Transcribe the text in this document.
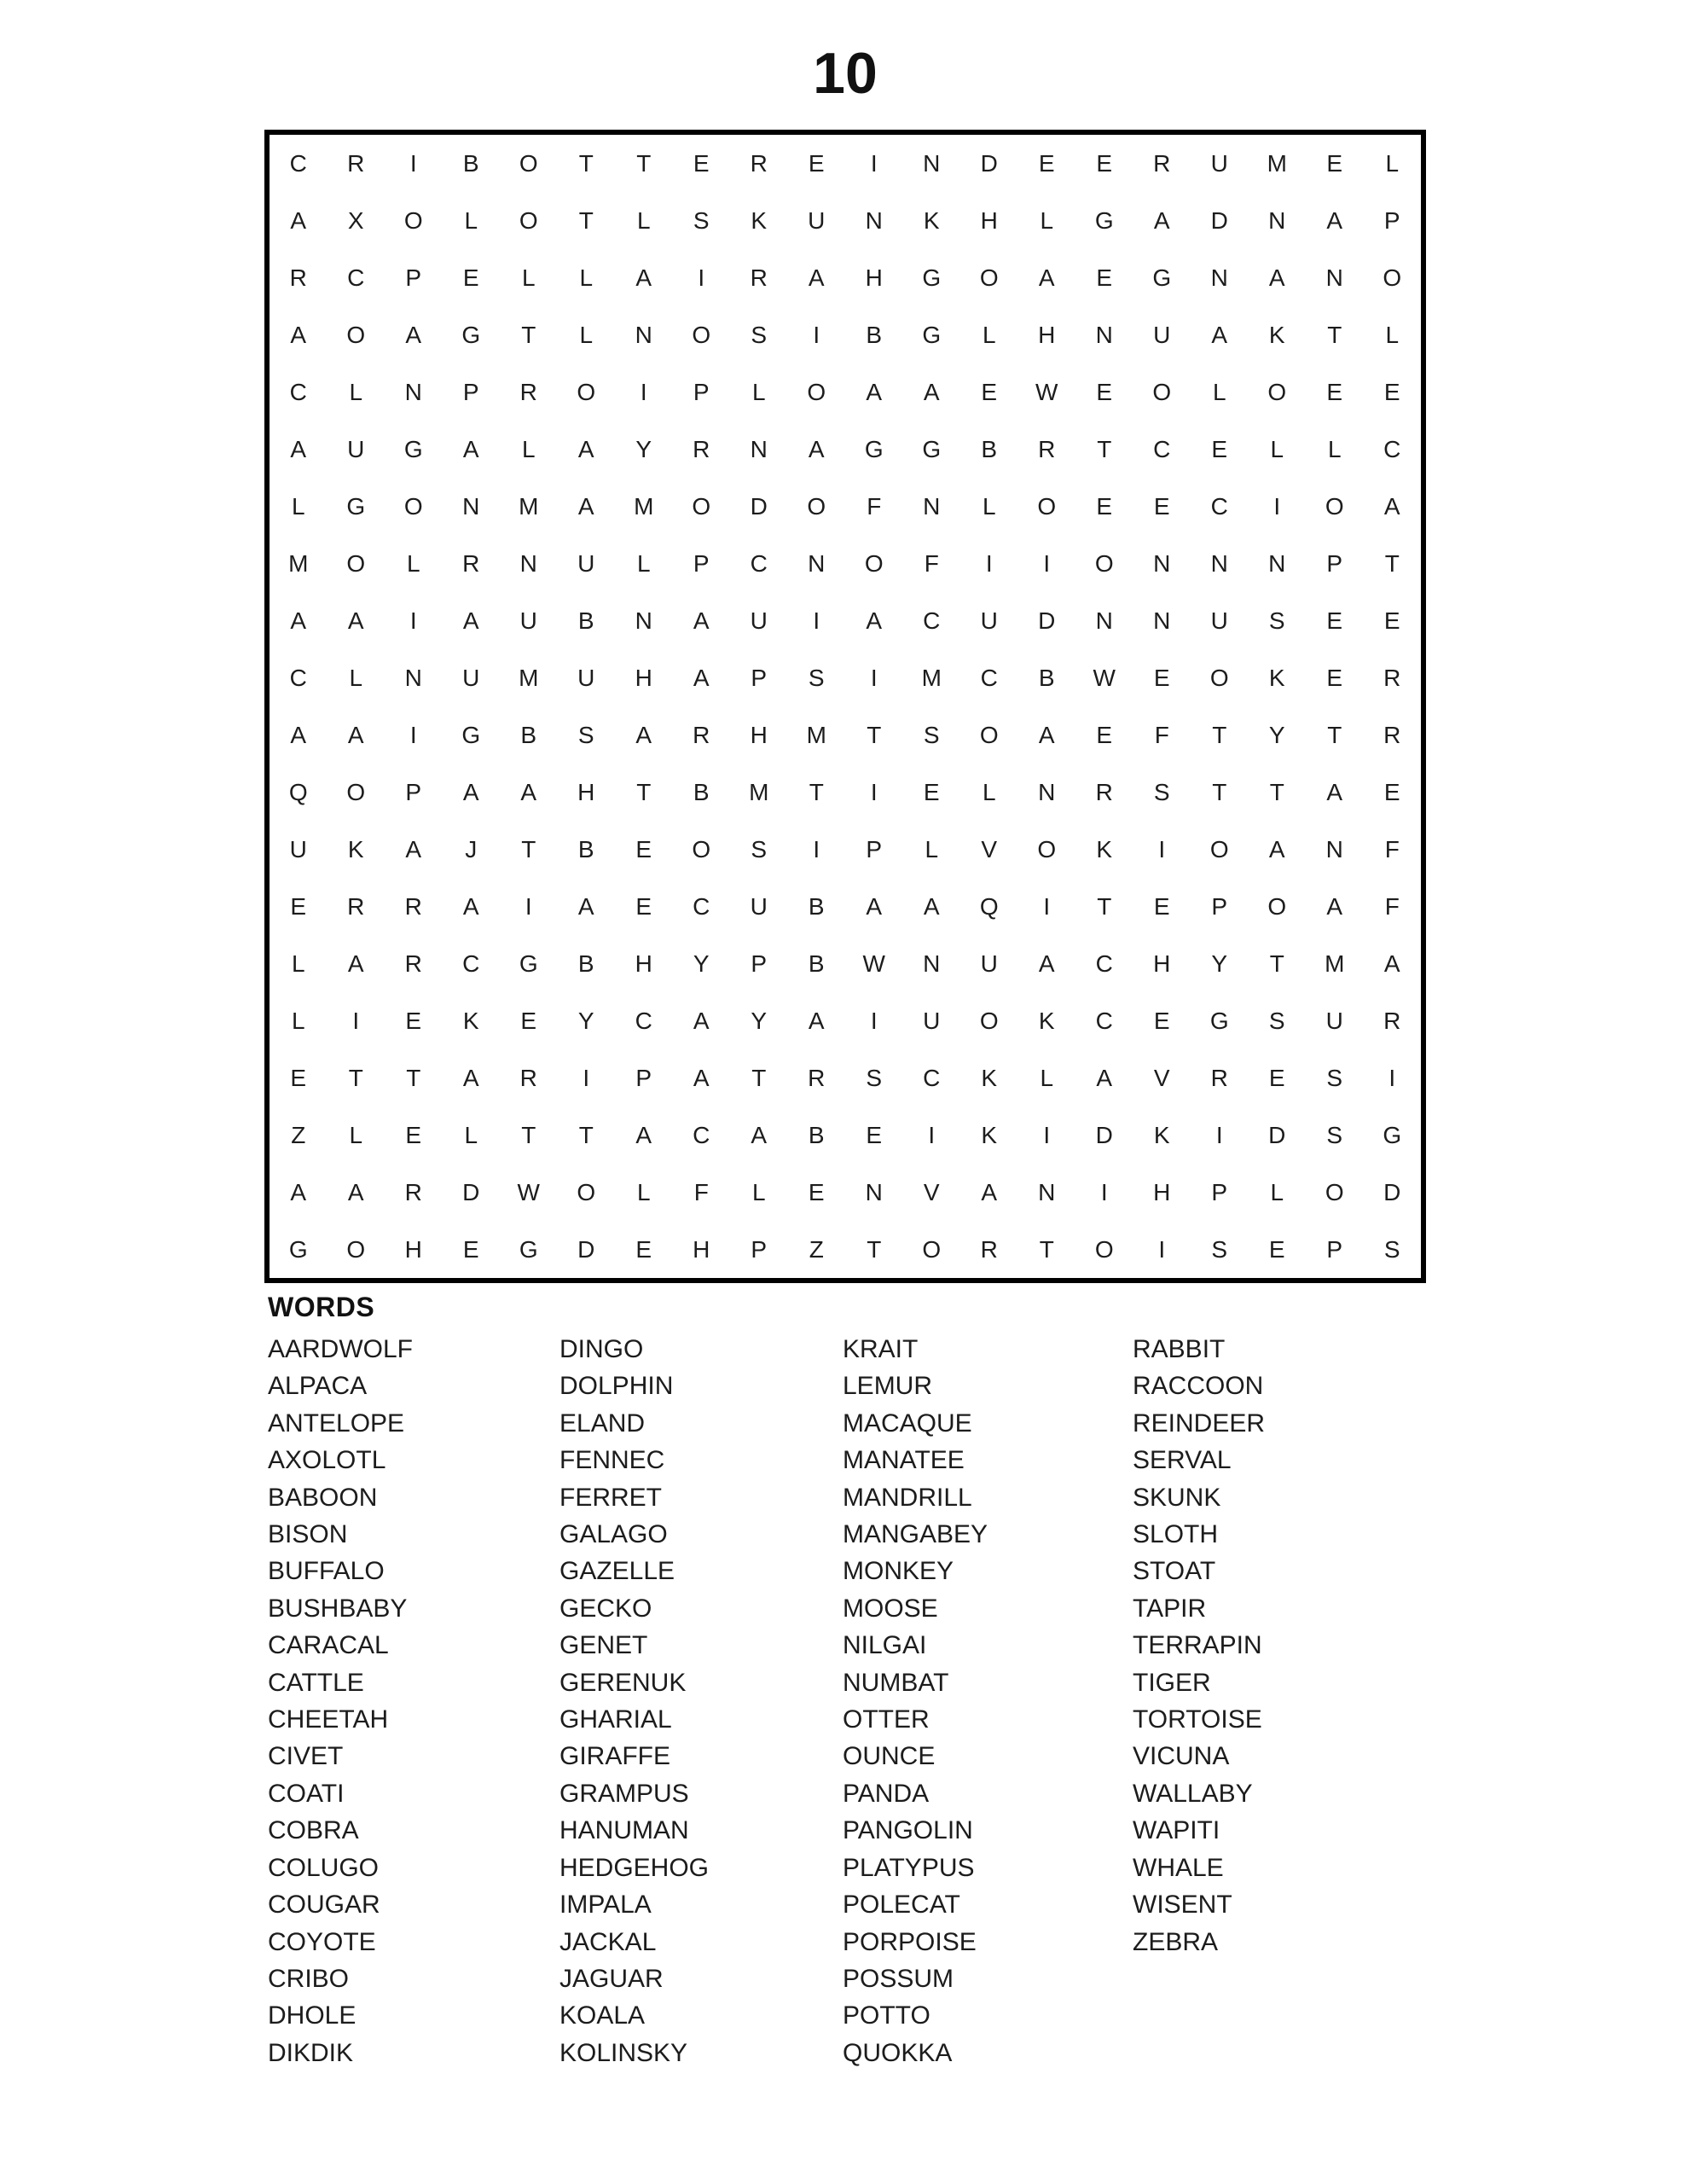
10
C	R	I	B	O	T	T	E	R	E	I	N	D	E	E	R	U	M	E	L
A	X	O	L	O	T	L	S	K	U	N	K	H	L	G	A	D	N	A	P
R	C	P	E	L	L	A	I	R	A	H	G	O	A	E	G	N	A	N	O
A	O	A	G	T	L	N	O	S	I	B	G	L	H	N	U	A	K	T	L
C	L	N	P	R	O	I	P	L	O	A	A	E	W	E	O	L	O	E	E
A	U	G	A	L	A	Y	R	N	A	G	G	B	R	T	C	E	L	L	C
L	G	O	N	M	A	M	O	D	O	F	N	L	O	E	E	C	I	O	A
M	O	L	R	N	U	L	P	C	N	O	F	I	I	O	N	N	N	P	T
A	A	I	A	U	B	N	A	U	I	A	C	U	D	N	N	U	S	E	E
C	L	N	U	M	U	H	A	P	S	I	M	C	B	W	E	O	K	E	R
A	A	I	G	B	S	A	R	H	M	T	S	O	A	E	F	T	Y	T	R
Q	O	P	A	A	H	T	B	M	T	I	E	L	N	R	S	T	T	A	E
U	K	A	J	T	B	E	O	S	I	P	L	V	O	K	I	O	A	N	F
E	R	R	A	I	A	E	C	U	B	A	A	Q	I	T	E	P	O	A	F
L	A	R	C	G	B	H	Y	P	B	W	N	U	A	C	H	Y	T	M	A
L	I	E	K	E	Y	C	A	Y	A	I	U	O	K	C	E	G	S	U	R
E	T	T	A	R	I	P	A	T	R	S	C	K	L	A	V	R	E	S	I
Z	L	E	L	T	T	A	C	A	B	E	I	K	I	D	K	I	D	S	G
A	A	R	D	W	O	L	F	L	E	N	V	A	N	I	H	P	L	O	D
G	O	H	E	G	D	E	H	P	Z	T	O	R	T	O	I	S	E	P	S
WORDS
AARDWOLF
ALPACA
ANTELOPE
AXOLOTL
BABOON
BISON
BUFFALO
BUSHBABY
CARACAL
CATTLE
CHEETAH
CIVET
COATI
COBRA
COLUGO
COUGAR
COYOTE
CRIBO
DHOLE
DIKDIK
DINGO
DOLPHIN
ELAND
FENNEC
FERRET
GALAGO
GAZELLE
GECKO
GENET
GERENUK
GHARIAL
GIRAFFE
GRAMPUS
HANUMAN
HEDGEHOG
IMPALA
JACKAL
JAGUAR
KOALA
KOLINSKY
KRAIT
LEMUR
MACAQUE
MANATEE
MANDRILL
MANGABEY
MONKEY
MOOSE
NILGAI
NUMBAT
OTTER
OUNCE
PANDA
PANGOLIN
PLATYPUS
POLECAT
PORPOISE
POSSUM
POTTO
QUOKKA
RABBIT
RACCOON
REINDEER
SERVAL
SKUNK
SLOTH
STOAT
TAPIR
TERRAPIN
TIGER
TORTOISE
VICUNA
WALLABY
WAPITI
WHALE
WISENT
ZEBRA
